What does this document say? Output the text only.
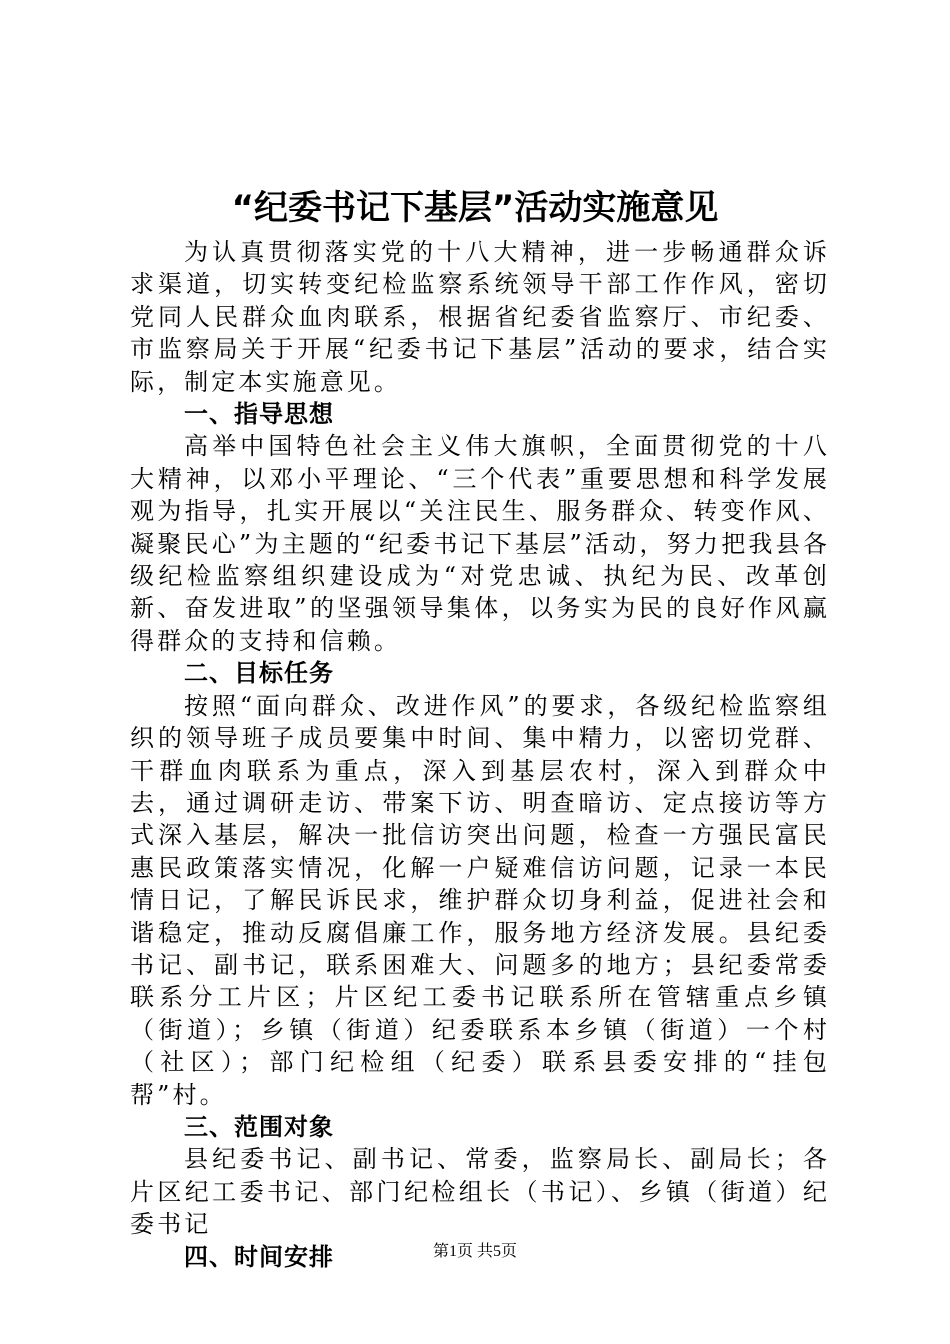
“纪委书记下基层”活动实施意见

为认真贯彻落实党的十八大精神，进一步畅通群众诉求渠道，切实转变纪检监察系统领导干部工作作风，密切党同人民群众血肉联系，根据省纪委省监察厅、市纪委、市监察局关于开展“纪委书记下基层”活动的要求，结合实际，制定本实施意见。

一、指导思想

高举中国特色社会主义伟大旗帜，全面贯彻党的十八大精神，以邓小平理论、“三个代表”重要思想和科学发展观为指导，扎实开展以“关注民生、服务群众、转变作风、凝聚民心”为主题的“纪委书记下基层”活动，努力把我县各级纪检监察组织建设成为“对党忠诚、执纪为民、改革创新、奋发进取”的坚强领导集体，以务实为民的良好作风赢得群众的支持和信赖。

二、目标任务

按照“面向群众、改进作风”的要求，各级纪检监察组织的领导班子成员要集中时间、集中精力，以密切党群、干群血肉联系为重点，深入到基层农村，深入到群众中去，通过调研走访、带案下访、明查暗访、定点接访等方式深入基层，解决一批信访突出问题，检查一方强民富民惠民政策落实情况，化解一户疑难信访问题，记录一本民情日记，了解民诉民求，维护群众切身利益，促进社会和谐稳定，推动反腐倡廉工作，服务地方经济发展。县纪委书记、副书记，联系困难大、问题多的地方；县纪委常委联系分工片区；片区纪工委书记联系所在管辖重点乡镇（街道）；乡镇（街道）纪委联系本乡镇（街道）一个村（社区）；部门纪检组（纪委）联系县委安排的“挂包帮”村。

三、范围对象

县纪委书记、副书记、常委，监察局长、副局长；各片区纪工委书记、部门纪检组长（书记）、乡镇（街道）纪委书记

四、时间安排	第1页 共5页
